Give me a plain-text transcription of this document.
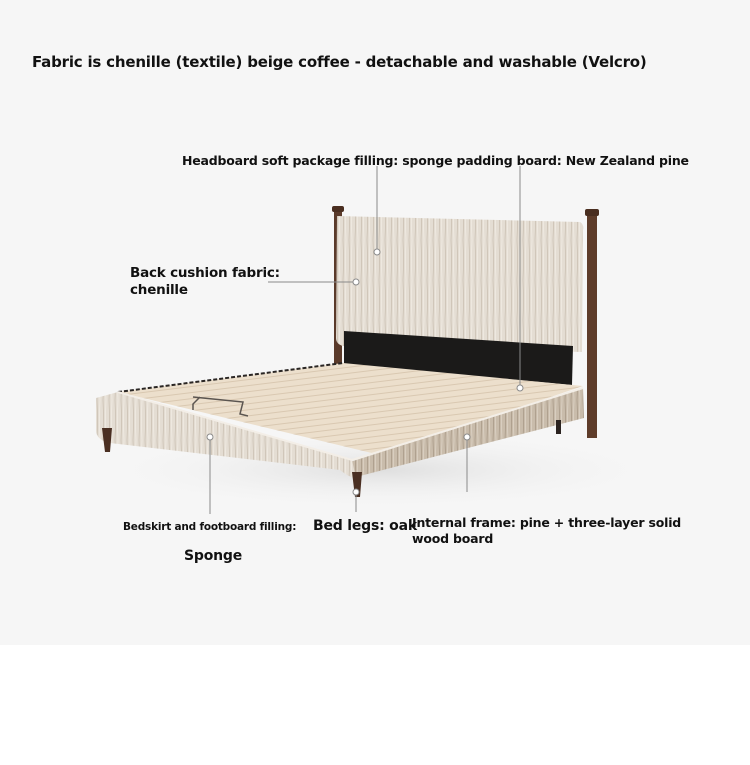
Fabric is chenille (textile) beige coffee - detachable and washable (Velcro)
Headboard soft package filling: sponge padding board: New Zealand pine
Back cushion fabric:
chenille
Bedskirt and footboard filling:
Sponge
Bed legs: oak
Internal frame: pine + three-layer solid
wood board
